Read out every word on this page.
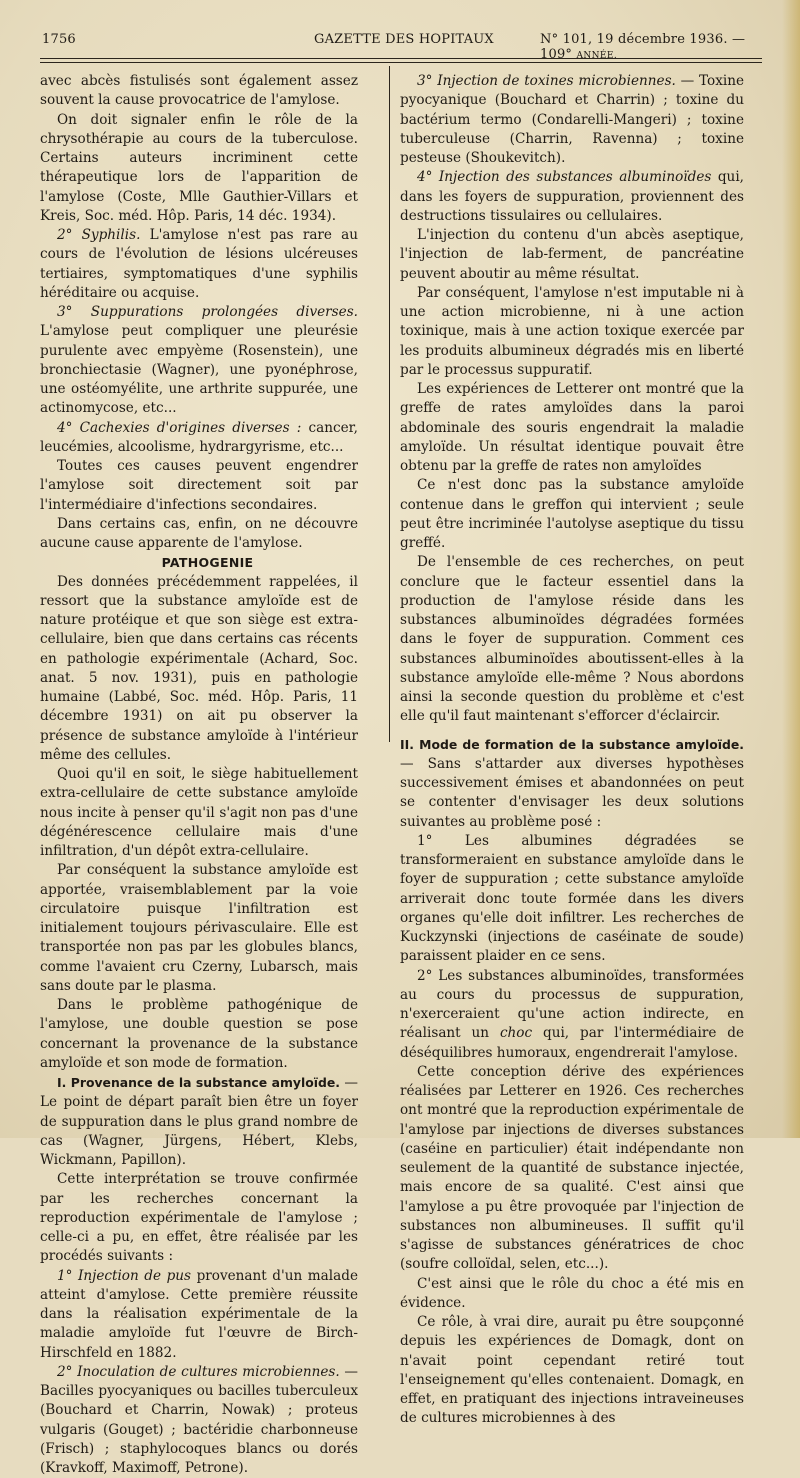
1756	GAZETTE DES HOPITAUX	N° 101, 19 décembre 1936. — 109° ANNÉE.

avec abcès fistulisés sont également assez souvent la cause provocatrice de l'amylose.

On doit signaler enfin le rôle de la chrysothérapie au cours de la tuberculose. Certains auteurs incriminent cette thérapeutique lors de l'apparition de l'amylose (Coste, Mlle Gauthier-Villars et Kreis, Soc. méd. Hôp. Paris, 14 déc. 1934).

2° Syphilis. L'amylose n'est pas rare au cours de l'évolution de lésions ulcéreuses tertiaires, symptomatiques d'une syphilis héréditaire ou acquise.

3° Suppurations prolongées diverses. L'amylose peut compliquer une pleurésie purulente avec empyème (Rosenstein), une bronchiectasie (Wagner), une pyonéphrose, une ostéomyélite, une arthrite suppurée, une actinomycose, etc...

4° Cachexies d'origines diverses : cancer, leucémies, alcoolisme, hydrargyrisme, etc...

Toutes ces causes peuvent engendrer l'amylose soit directement soit par l'intermédiaire d'infections secondaires.

Dans certains cas, enfin, on ne découvre aucune cause apparente de l'amylose.

PATHOGENIE

Des données précédemment rappelées, il ressort que la substance amyloïde est de nature protéique et que son siège est extra-cellulaire, bien que dans certains cas récents en pathologie expérimentale (Achard, Soc. anat. 5 nov. 1931), puis en pathologie humaine (Labbé, Soc. méd. Hôp. Paris, 11 décembre 1931) on ait pu observer la présence de substance amyloïde à l'intérieur même des cellules.

Quoi qu'il en soit, le siège habituellement extra-cellulaire de cette substance amyloïde nous incite à penser qu'il s'agit non pas d'une dégénérescence cellulaire mais d'une infiltration, d'un dépôt extra-cellulaire.

Par conséquent la substance amyloïde est apportée, vraisemblablement par la voie circulatoire puisque l'infiltration est initialement toujours périvasculaire. Elle est transportée non pas par les globules blancs, comme l'avaient cru Czerny, Lubarsch, mais sans doute par le plasma.

Dans le problème pathogénique de l'amylose, une double question se pose concernant la provenance de la substance amyloïde et son mode de formation.

I. Provenance de la substance amyloïde. — Le point de départ paraît bien être un foyer de suppuration dans le plus grand nombre de cas (Wagner, Jürgens, Hébert, Klebs, Wickmann, Papillon).

Cette interprétation se trouve confirmée par les recherches concernant la reproduction expérimentale de l'amylose ; celle-ci a pu, en effet, être réalisée par les procédés suivants :

1° Injection de pus provenant d'un malade atteint d'amylose. Cette première réussite dans la réalisation expérimentale de la maladie amyloïde fut l'œuvre de Birch-Hirschfeld en 1882.

2° Inoculation de cultures microbiennes. — Bacilles pyocyaniques ou bacilles tuberculeux (Bouchard et Charrin, Nowak) ; proteus vulgaris (Gouget) ; bactéridie charbonneuse (Frisch) ; staphylocoques blancs ou dorés (Kravkoff, Maximoff, Petrone).

3° Injection de toxines microbiennes. — Toxine pyocyanique (Bouchard et Charrin) ; toxine du bactérium termo (Condarelli-Mangeri) ; toxine tuberculeuse (Charrin, Ravenna) ; toxine pesteuse (Shoukevitch).

4° Injection des substances albuminoïdes qui, dans les foyers de suppuration, proviennent des destructions tissulaires ou cellulaires.

L'injection du contenu d'un abcès aseptique, l'injection de lab-ferment, de pancréatine peuvent aboutir au même résultat.

Par conséquent, l'amylose n'est imputable ni à une action microbienne, ni à une action toxinique, mais à une action toxique exercée par les produits albumineux dégradés mis en liberté par le processus suppuratif.

Les expériences de Letterer ont montré que la greffe de rates amyloïdes dans la paroi abdominale des souris engendrait la maladie amyloïde. Un résultat identique pouvait être obtenu par la greffe de rates non amyloïdes

Ce n'est donc pas la substance amyloïde contenue dans le greffon qui intervient ; seule peut être incriminée l'autolyse aseptique du tissu greffé.

De l'ensemble de ces recherches, on peut conclure que le facteur essentiel dans la production de l'amylose réside dans les substances albuminoïdes dégradées formées dans le foyer de suppuration. Comment ces substances albuminoïdes aboutissent-elles à la substance amyloïde elle-même ? Nous abordons ainsi la seconde question du problème et c'est elle qu'il faut maintenant s'efforcer d'éclaircir.

II. Mode de formation de la substance amyloïde. — Sans s'attarder aux diverses hypothèses successivement émises et abandonnées on peut se contenter d'envisager les deux solutions suivantes au problème posé :

1° Les albumines dégradées se transformeraient en substance amyloïde dans le foyer de suppuration ; cette substance amyloïde arriverait donc toute formée dans les divers organes qu'elle doit infiltrer. Les recherches de Kuckzynski (injections de caséinate de soude) paraissent plaider en ce sens.

2° Les substances albuminoïdes, transformées au cours du processus de suppuration, n'exerceraient qu'une action indirecte, en réalisant un choc qui, par l'intermédiaire de déséquilibres humoraux, engendrerait l'amylose.

Cette conception dérive des expériences réalisées par Letterer en 1926. Ces recherches ont montré que la reproduction expérimentale de l'amylose par injections de diverses substances (caséine en particulier) était indépendante non seulement de la quantité de substance injectée, mais encore de sa qualité. C'est ainsi que l'amylose a pu être provoquée par l'injection de substances non albumineuses. Il suffit qu'il s'agisse de substances génératrices de choc (soufre colloïdal, selen, etc...).

C'est ainsi que le rôle du choc a été mis en évidence.

Ce rôle, à vrai dire, aurait pu être soupçonné depuis les expériences de Domagk, dont on n'avait point cependant retiré tout l'enseignement qu'elles contenaient. Domagk, en effet, en pratiquant des injections intraveineuses de cultures microbiennes à des
